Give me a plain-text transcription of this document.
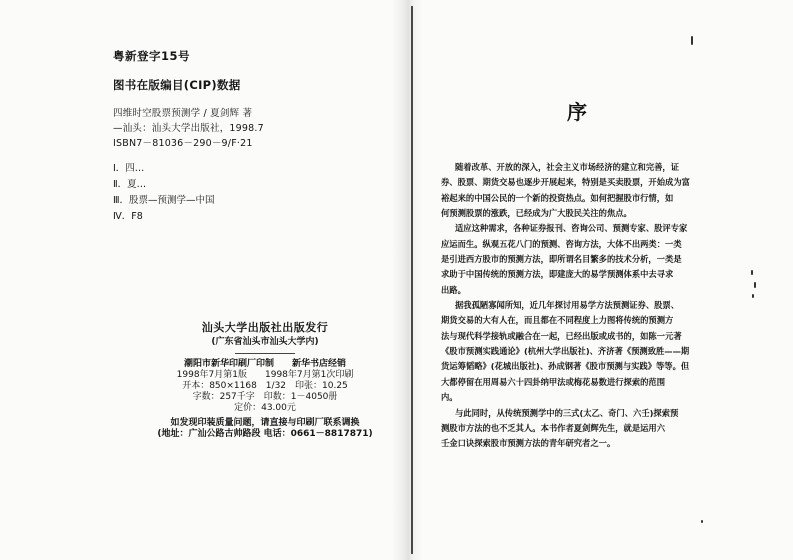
粤新登字15号
图书在版编目(CIP)数据
四维时空股票预测学 / 夏剑辉 著
—汕头：汕头大学出版社，1998.7
ISBN7－81036－290－9/F·21
Ⅰ．四…
Ⅱ．夏…
Ⅲ．股票—预测学—中国
Ⅳ．F8
汕头大学出版社出版发行
(广东省汕头市汕头大学内)
潮阳市新华印刷厂印制　　新华书店经销
1998年7月第1版　　1998年7月第1次印刷
开本：850×1168　1/32　印张：10.25
字数：257千字　印数：1－4050册
定价：43.00元
如发现印装质量问题，请直接与印刷厂联系调换
(地址：广汕公路古帅路段 电话：0661－8817871)
序
随着改革、开放的深入，社会主义市场经济的建立和完善，证
券、股票、期货交易也逐步开展起来，特别是买卖股票，开始成为富
裕起来的中国公民的一个新的投资热点。如何把握股市行情，如
何预测股票的涨跌，已经成为广大股民关注的焦点。
适应这种需求，各种证券报刊、咨询公司、预测专家、股评专家
应运而生。纵观五花八门的预测、咨询方法，大体不出两类：一类
是引进西方股市的预测方法，即所谓名目繁多的技术分析，一类是
求助于中国传统的预测方法，即建庞大的易学预测体系中去寻求
出路。
据我孤陋寡闻所知，近几年探讨用易学方法预测证券、股票、
期货交易的大有人在，而且都在不同程度上力图将传统的预测方
法与现代科学接轨或融合在一起，已经出版或成书的，如陈一元著
《股市预测实践通论》(杭州大学出版社)、齐济著《预测致胜——期
货运筹韬略》(花城出版社)、孙成钢著《股市预测与实践》等等。但
大都停留在用周易六十四卦纳甲法或梅花易数进行探索的范围
内。
与此同时，从传统预测学中的三式(太乙、奇门、六壬)探索预
测股市方法的也不乏其人。本书作者夏剑辉先生，就是运用六
壬金口诀探索股市预测方法的青年研究者之一。
